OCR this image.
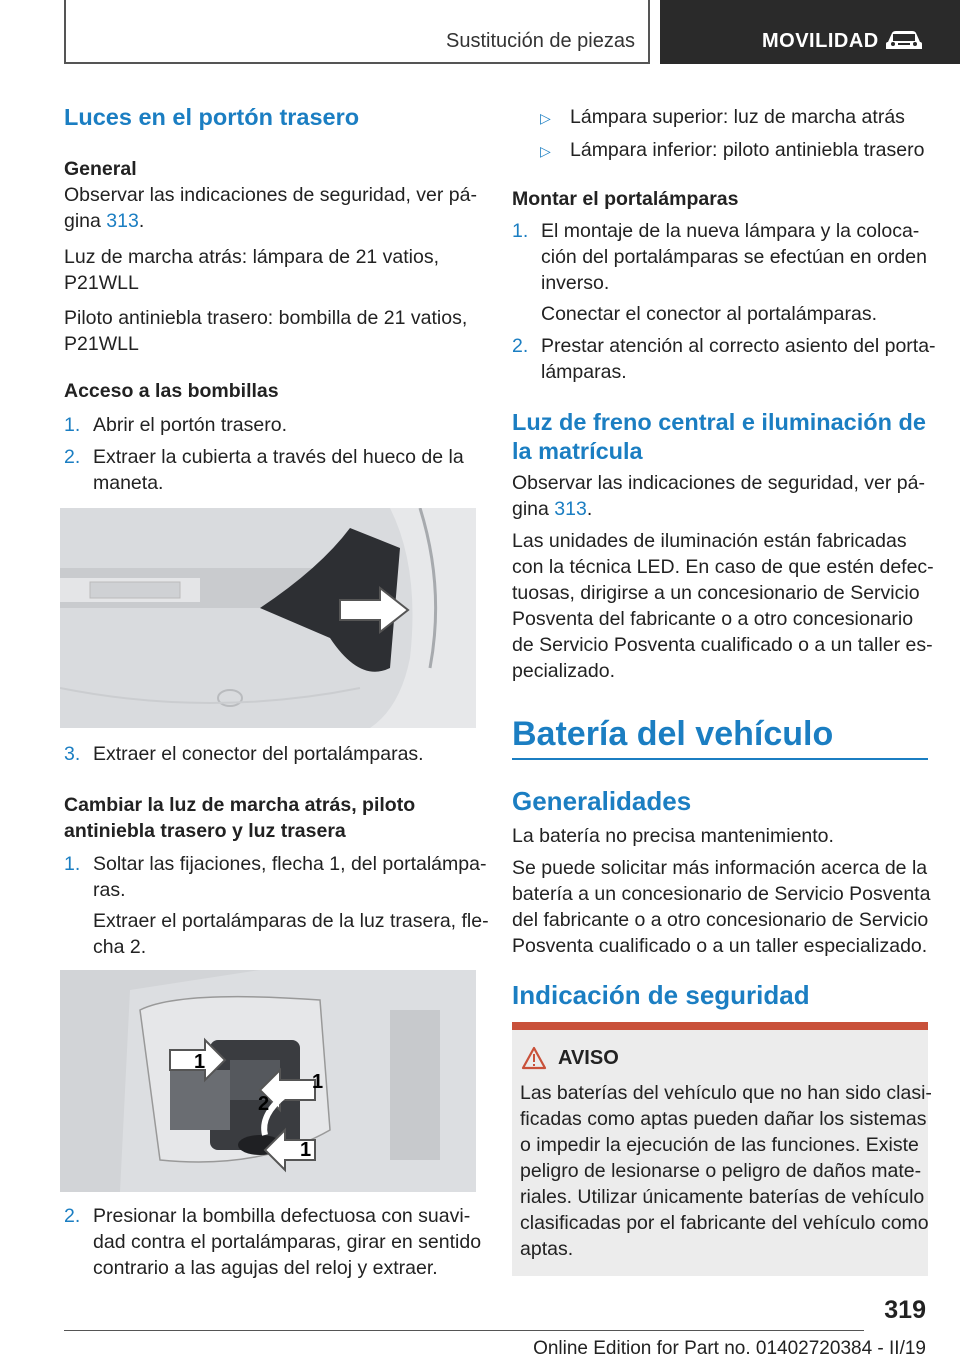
Sustitución de piezas	MOVILIDAD
Luces en el portón trasero
General
Observar las indicaciones de seguridad, ver pá-
gina 313.
Luz de marcha atrás: lámpara de 21 vatios,
P21WLL
Piloto antiniebla trasero: bombilla de 21 vatios,
P21WLL
Acceso a las bombillas
1. Abrir el portón trasero.
2. Extraer la cubierta a través del hueco de la
maneta.
3. Extraer el conector del portalámparas.
Cambiar la luz de marcha atrás, piloto
antiniebla trasero y luz trasera
1. Soltar las fijaciones, flecha 1, del portalámpa-
ras.
Extraer el portalámparas de la luz trasera, fle-
cha 2.
1
1
2
1
2. Presionar la bombilla defectuosa con suavi-
dad contra el portalámparas, girar en sentido
contrario a las agujas del reloj y extraer.
▷ Lámpara superior: luz de marcha atrás
▷ Lámpara inferior: piloto antiniebla trasero
Montar el portalámparas
1. El montaje de la nueva lámpara y la coloca-
ción del portalámparas se efectúan en orden
inverso.
Conectar el conector al portalámparas.
2. Prestar atención al correcto asiento del porta-
lámparas.
Luz de freno central e iluminación de
la matrícula
Observar las indicaciones de seguridad, ver pá-
gina 313.
Las unidades de iluminación están fabricadas
con la técnica LED. En caso de que estén defec-
tuosas, dirigirse a un concesionario de Servicio
Posventa del fabricante o a otro concesionario
de Servicio Posventa cualificado o a un taller es-
pecializado.
Batería del vehículo
Generalidades
La batería no precisa mantenimiento.
Se puede solicitar más información acerca de la
batería a un concesionario de Servicio Posventa
del fabricante o a otro concesionario de Servicio
Posventa cualificado o a un taller especializado.
Indicación de seguridad
AVISO
Las baterías del vehículo que no han sido clasi-
ficadas como aptas pueden dañar los sistemas
o impedir la ejecución de las funciones. Existe
peligro de lesionarse o peligro de daños mate-
riales. Utilizar únicamente baterías de vehículo
clasificadas por el fabricante del vehículo como
aptas.
319
Online Edition for Part no. 01402720384 - II/19
